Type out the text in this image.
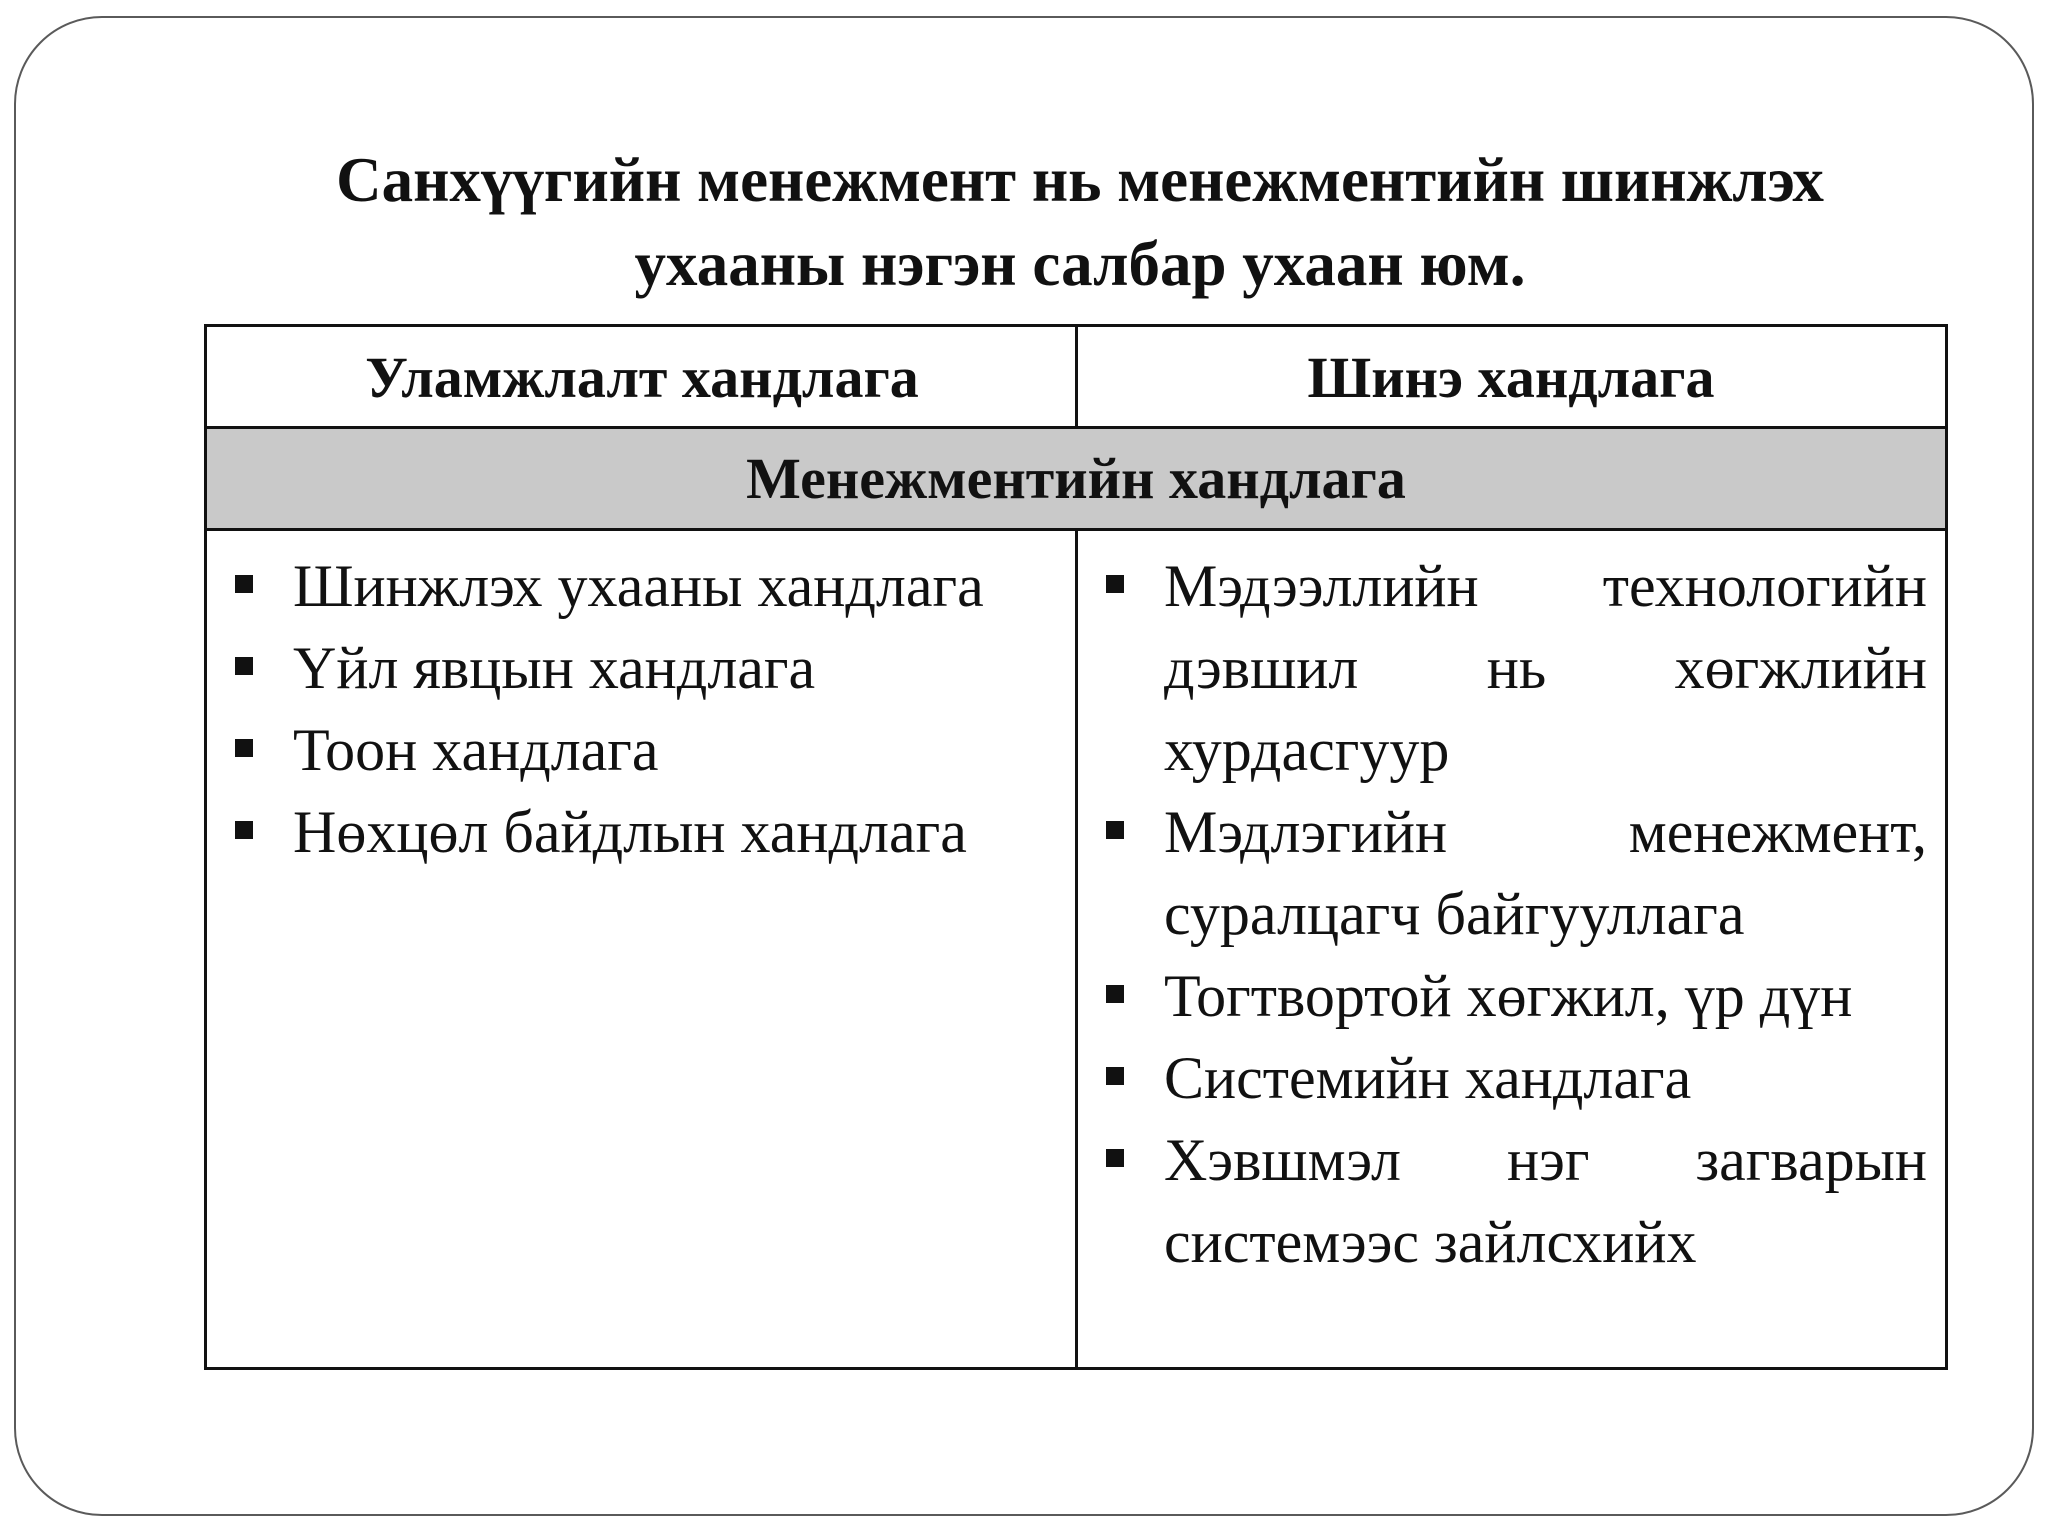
Санхүүгийн менежмент нь менежментийн шинжлэх
ухааны нэгэн салбар ухаан юм.
Уламжлалт хандлага	Шинэ хандлага
Менежментийн хандлага
Шинжлэх ухааны хандлага
Үйл явцын хандлага
Тоон хандлага
Нөхцөл байдлын хандлага
Мэдээллийн технологийн дэвшил нь хөгжлийн хурдасгуур
Мэдлэгийн менежмент, суралцагч байгууллага
Тогтвортой хөгжил, үр дүн
Системийн хандлага
Хэвшмэл нэг загварын системээс зайлсхийх
